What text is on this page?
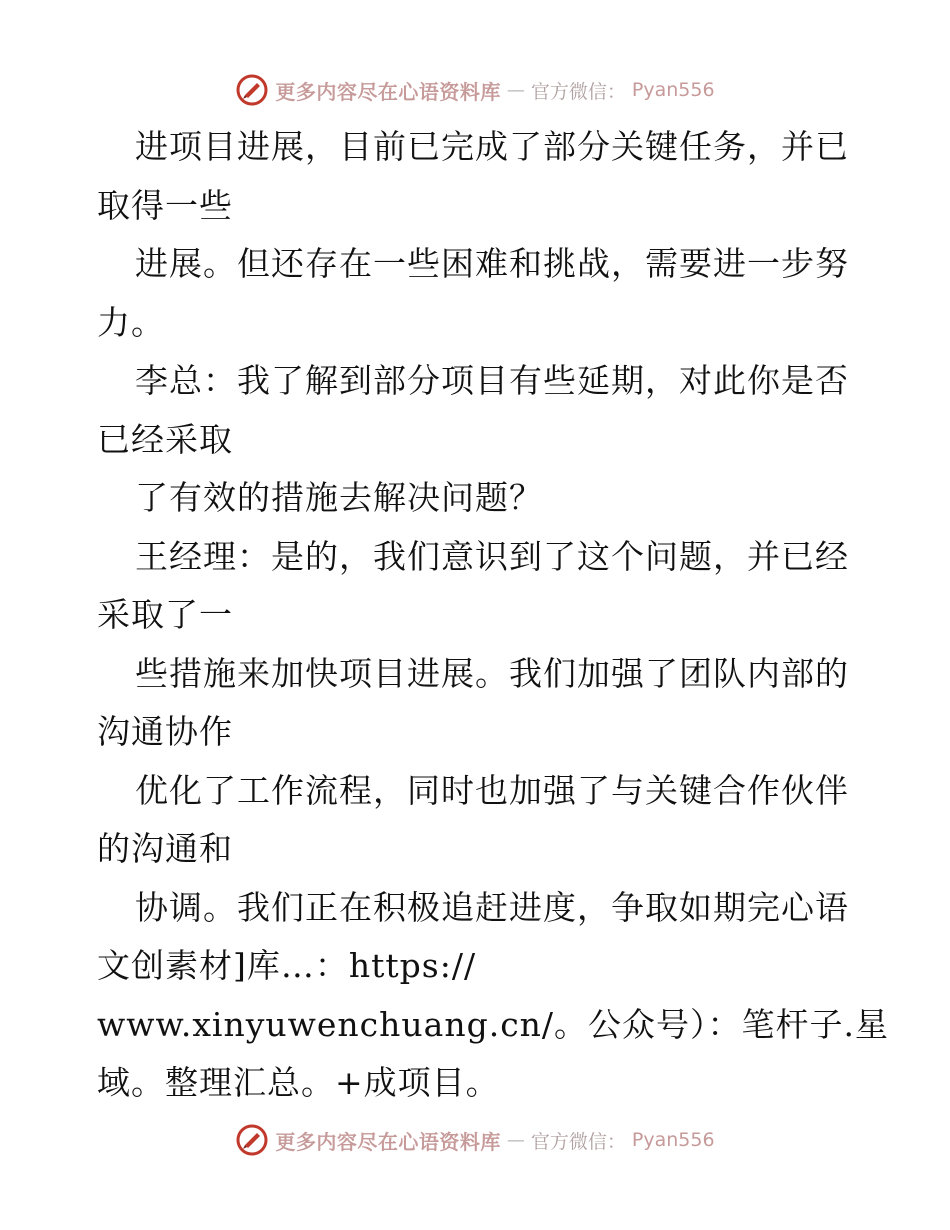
更多内容尽在心语资料库 — 官方微信： Pyan556
进项目进展，目前已完成了部分关键任务，并已
取得一些
进展。但还存在一些困难和挑战，需要进一步努
力。
李总：我了解到部分项目有些延期，对此你是否
已经采取
了有效的措施去解决问题？
王经理：是的，我们意识到了这个问题，并已经
采取了一
些措施来加快项目进展。我们加强了团队内部的
沟通协作
优化了工作流程，同时也加强了与关键合作伙伴
的沟通和
协调。我们正在积极追赶进度，争取如期完心语
文创素材]库…：https://
www.xinyuwenchuang.cn/。公众号）：笔杆子.星
域。整理汇总。+成项目。
更多内容尽在心语资料库 — 官方微信： Pyan556
